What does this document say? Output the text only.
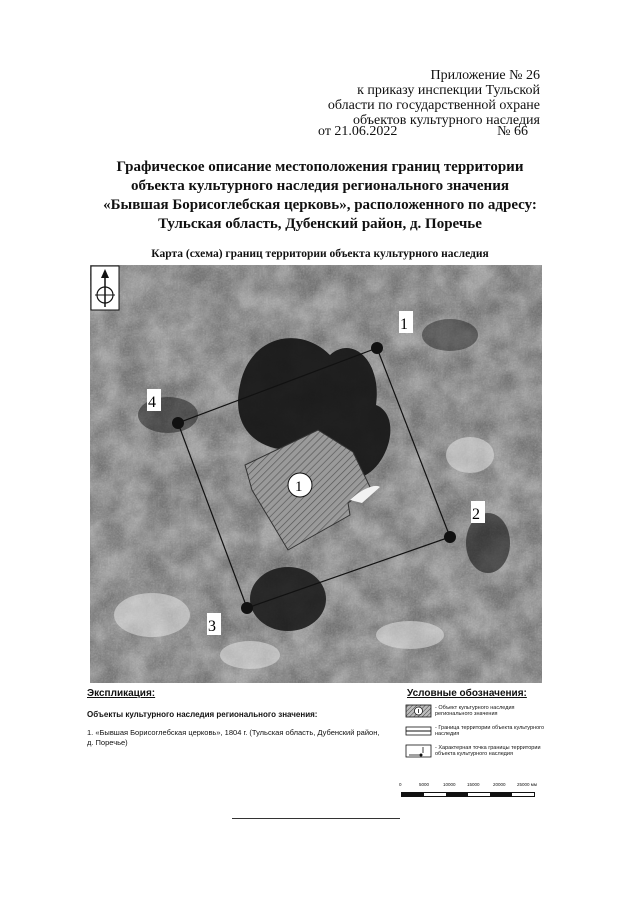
Приложение № 26
к приказу инспекции Тульской
области по государственной охране
объектов культурного наследия
от 21.06.2022	№ 66
Графическое описание местоположения границ территории
объекта культурного наследия регионального значения
«Бывшая Борисоглебская церковь», расположенного по адресу:
Тульская область, Дубенский район, д. Поречье
Карта (схема) границ территории объекта культурного наследия
1
2
3
4
1
Экспликация:
Объекты культурного наследия регионального значения:
1. «Бывшая Борисоглебская церковь», 1804 г. (Тульская область, Дубенский район, д. Поречье)
Условные обозначения:
- Объект культурного наследия регионального значения
- Граница территории объекта культурного наследия
- Характерная точка границы территории объекта культурного наследия
0	5000	10000	15000	20000	25000 мм
